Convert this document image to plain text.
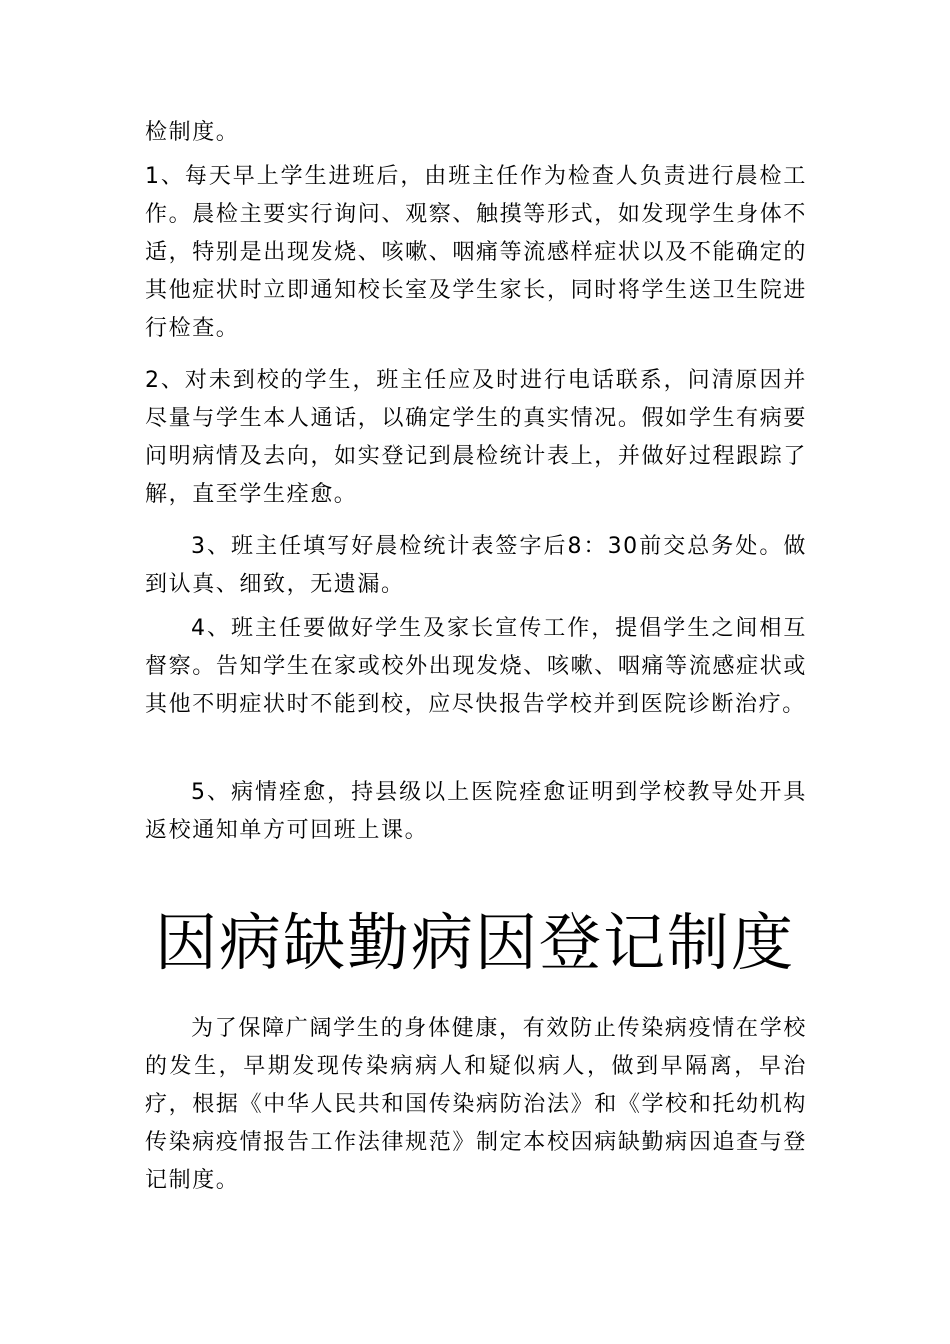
检制度。

1、每天早上学生进班后，由班主任作为检查人负责进行晨检工作。晨检主要实行询问、观察、触摸等形式，如发现学生身体不适，特别是出现发烧、咳嗽、咽痛等流感样症状以及不能确定的其他症状时立即通知校长室及学生家长，同时将学生送卫生院进行检查。

2、对未到校的学生，班主任应及时进行电话联系，问清原因并尽量与学生本人通话，以确定学生的真实情况。假如学生有病要问明病情及去向，如实登记到晨检统计表上，并做好过程跟踪了解，直至学生痊愈。

3、班主任填写好晨检统计表签字后8：30前交总务处。做到认真、细致，无遗漏。

4、班主任要做好学生及家长宣传工作，提倡学生之间相互督察。告知学生在家或校外出现发烧、咳嗽、咽痛等流感症状或其他不明症状时不能到校，应尽快报告学校并到医院诊断治疗。

5、病情痊愈，持县级以上医院痊愈证明到学校教导处开具返校通知单方可回班上课。

因病缺勤病因登记制度

为了保障广阔学生的身体健康，有效防止传染病疫情在学校的发生，早期发现传染病病人和疑似病人，做到早隔离，早治疗，根据《中华人民共和国传染病防治法》和《学校和托幼机构传染病疫情报告工作法律规范》制定本校因病缺勤病因追查与登记制度。
